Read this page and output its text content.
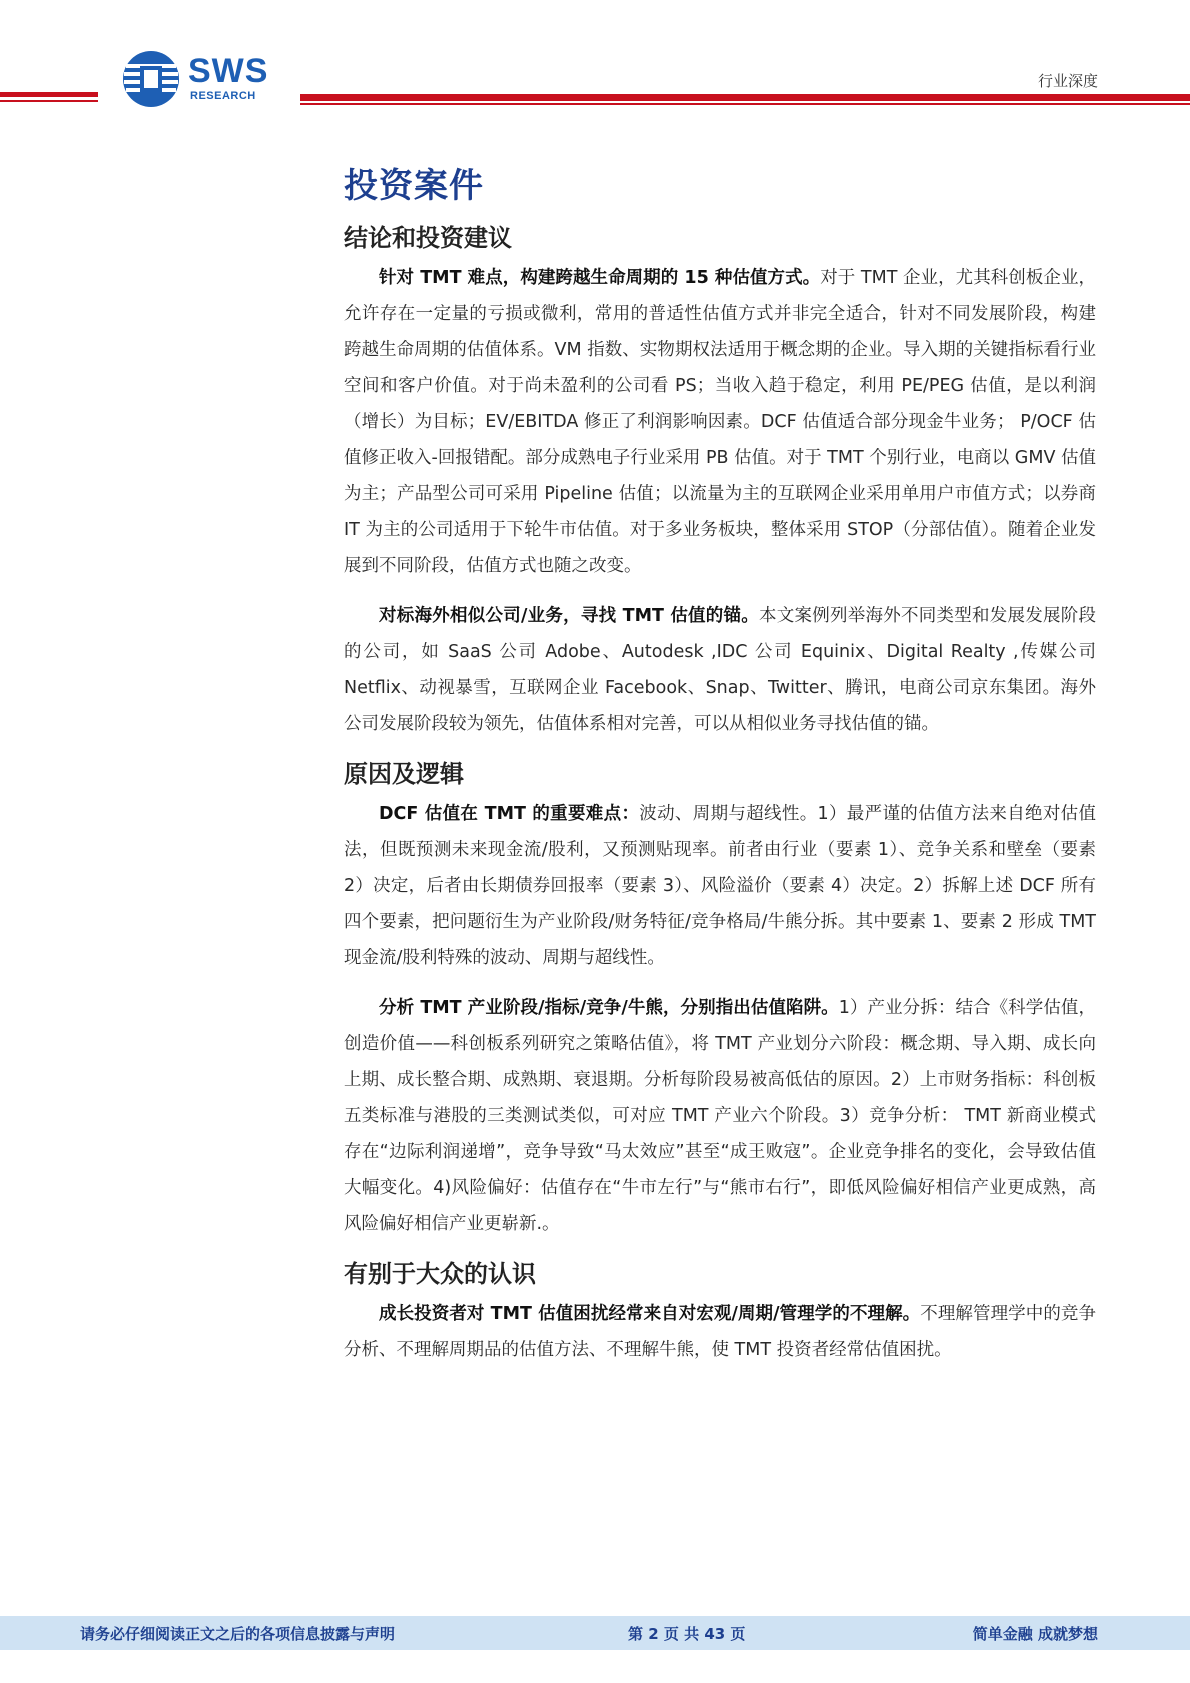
SWS
RESEARCH
行业深度
投资案件
结论和投资建议

针对 TMT 难点，构建跨越生命周期的 15 种估值方式。对于 TMT 企业，尤其科创板企业，允许存在一定量的亏损或微利，常用的普适性估值方式并非完全适合，针对不同发展阶段，构建跨越生命周期的估值体系。VM 指数、实物期权法适用于概念期的企业。导入期的关键指标看行业空间和客户价值。对于尚未盈利的公司看 PS；当收入趋于稳定，利用 PE/PEG 估值，是以利润（增长）为目标；EV/EBITDA 修正了利润影响因素。DCF 估值适合部分现金牛业务； P/OCF 估值修正收入-回报错配。部分成熟电子行业采用 PB 估值。对于 TMT 个别行业，电商以 GMV 估值为主；产品型公司可采用 Pipeline 估值；以流量为主的互联网企业采用单用户市值方式；以券商 IT 为主的公司适用于下轮牛市估值。对于多业务板块，整体采用 STOP（分部估值）。随着企业发展到不同阶段，估值方式也随之改变。

对标海外相似公司/业务，寻找 TMT 估值的锚。本文案例列举海外不同类型和发展发展阶段的公司，如 SaaS 公司 Adobe、Autodesk ,IDC 公司 Equinix、Digital Realty ,传媒公司 Netflix、动视暴雪，互联网企业 Facebook、Snap、Twitter、腾讯，电商公司京东集团。海外公司发展阶段较为领先，估值体系相对完善，可以从相似业务寻找估值的锚。

原因及逻辑

DCF 估值在 TMT 的重要难点：波动、周期与超线性。1）最严谨的估值方法来自绝对估值法，但既预测未来现金流/股利，又预测贴现率。前者由行业（要素 1）、竞争关系和壁垒（要素 2）决定，后者由长期债券回报率（要素 3）、风险溢价（要素 4）决定。2）拆解上述 DCF 所有四个要素，把问题衍生为产业阶段/财务特征/竞争格局/牛熊分拆。其中要素 1、要素 2 形成 TMT 现金流/股利特殊的波动、周期与超线性。

分析 TMT 产业阶段/指标/竞争/牛熊，分别指出估值陷阱。1）产业分拆：结合《科学估值，创造价值——科创板系列研究之策略估值》，将 TMT 产业划分六阶段：概念期、导入期、成长向上期、成长整合期、成熟期、衰退期。分析每阶段易被高低估的原因。2）上市财务指标：科创板五类标准与港股的三类测试类似，可对应 TMT 产业六个阶段。3）竞争分析： TMT 新商业模式存在“边际利润递增”，竞争导致“马太效应”甚至“成王败寇”。企业竞争排名的变化，会导致估值大幅变化。4)风险偏好：估值存在“牛市左行”与“熊市右行”，即低风险偏好相信产业更成熟，高风险偏好相信产业更崭新.。

有别于大众的认识

成长投资者对 TMT 估值困扰经常来自对宏观/周期/管理学的不理解。不理解管理学中的竞争分析、不理解周期品的估值方法、不理解牛熊，使 TMT 投资者经常估值困扰。

请务必仔细阅读正文之后的各项信息披露与声明	第 2 页 共 43 页	简单金融 成就梦想
